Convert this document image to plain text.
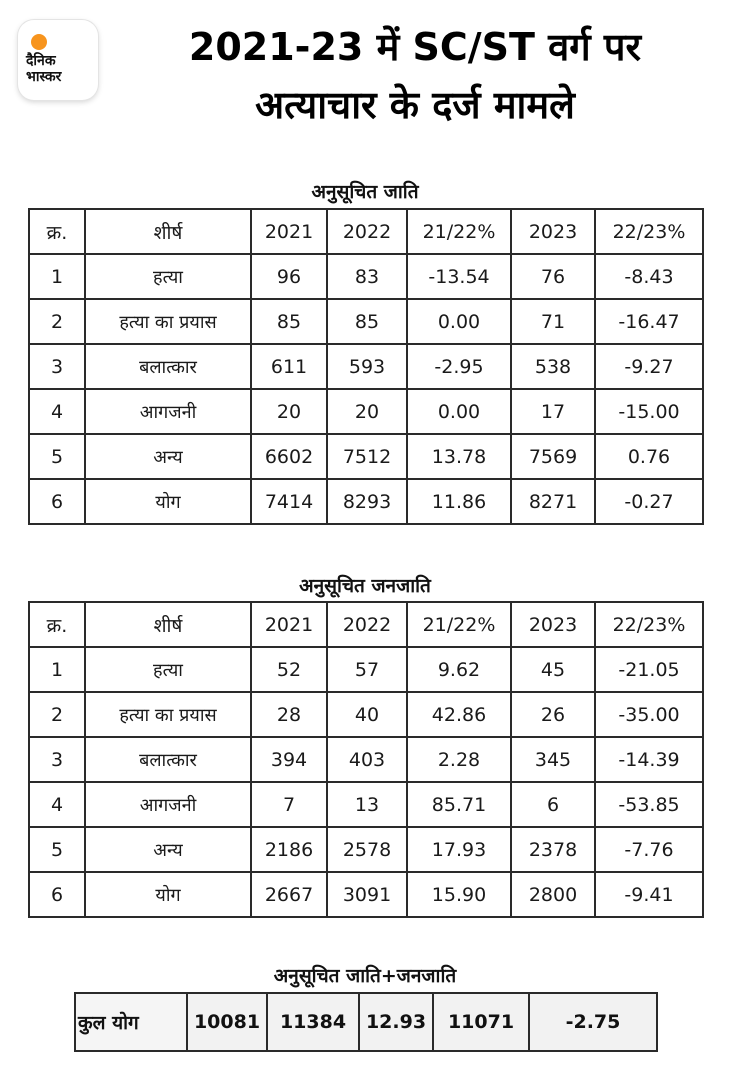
दैनिक भास्कर
2021-23 में SC/ST वर्ग पर
अत्याचार के दर्ज मामले
अनुसूचित जाति
क्र.	शीर्ष	2021	2022	21/22%	2023	22/23%
1	हत्या	96	83	-13.54	76	-8.43
2	हत्या का प्रयास	85	85	0.00	71	-16.47
3	बलात्कार	611	593	-2.95	538	-9.27
4	आगजनी	20	20	0.00	17	-15.00
5	अन्य	6602	7512	13.78	7569	0.76
6	योग	7414	8293	11.86	8271	-0.27
अनुसूचित जनजाति
क्र.	शीर्ष	2021	2022	21/22%	2023	22/23%
1	हत्या	52	57	9.62	45	-21.05
2	हत्या का प्रयास	28	40	42.86	26	-35.00
3	बलात्कार	394	403	2.28	345	-14.39
4	आगजनी	7	13	85.71	6	-53.85
5	अन्य	2186	2578	17.93	2378	-7.76
6	योग	2667	3091	15.90	2800	-9.41
अनुसूचित जाति+जनजाति
कुल योग	10081	11384	12.93	11071	-2.75
